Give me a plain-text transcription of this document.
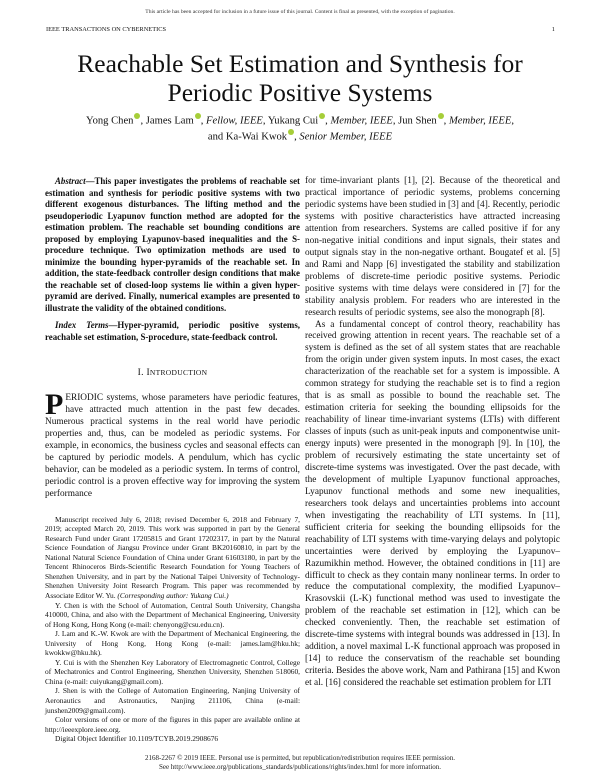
This article has been accepted for inclusion in a future issue of this journal. Content is final as presented, with the exception of pagination.
IEEE TRANSACTIONS ON CYBERNETICS	1
Reachable Set Estimation and Synthesis for
Periodic Positive Systems
Yong Chen , James Lam , Fellow, IEEE, Yukang Cui , Member, IEEE, Jun Shen , Member, IEEE,
and Ka-Wai Kwok , Senior Member, IEEE

Abstract—This paper investigates the problems of reachable set estimation and synthesis for periodic positive systems with two different exogenous disturbances. The lifting method and the pseudoperiodic Lyapunov function method are adopted for the estimation problem. The reachable set bounding conditions are proposed by employing Lyapunov-based inequalities and the S-procedure technique. Two optimization methods are used to minimize the bounding hyper-pyramids of the reachable set. In addition, the state-feedback controller design conditions that make the reachable set of closed-loop systems lie within a given hyper-pyramid are derived. Finally, numerical examples are presented to illustrate the validity of the obtained conditions.

Index Terms—Hyper-pyramid, periodic positive systems, reachable set estimation, S-procedure, state-feedback control.
I. INTRODUCTION
PERIODIC systems, whose parameters have periodic features, have attracted much attention in the past few decades. Numerous practical systems in the real world have periodic properties and, thus, can be modeled as periodic systems. For example, in economics, the business cycles and seasonal effects can be captured by periodic models. A pendulum, which has cyclic behavior, can be modeled as a periodic system. In terms of control, periodic control is a proven effective way for improving the system performance

Manuscript received July 6, 2018; revised December 6, 2018 and February 7, 2019; accepted March 20, 2019. This work was supported in part by the General Research Fund under Grant 17205815 and Grant 17202317, in part by the Natural Science Foundation of Jiangsu Province under Grant BK20160810, in part by the National Natural Science Foundation of China under Grant 61603180, in part by the Tencent Rhinoceros Birds-Scientific Research Foundation for Young Teachers of Shenzhen University, and in part by the National Taipei University of Technology-Shenzhen University Joint Research Program. This paper was recommended by Associate Editor W. Yu. (Corresponding author: Yukang Cui.)

Y. Chen is with the School of Automation, Central South University, Changsha 410000, China, and also with the Department of Mechanical Engineering, University of Hong Kong, Hong Kong (e-mail: chenyong@csu.edu.cn).

J. Lam and K.-W. Kwok are with the Department of Mechanical Engineering, the University of Hong Kong, Hong Kong (e-mail: james.lam@hku.hk; kwokkw@hku.hk).

Y. Cui is with the Shenzhen Key Laboratory of Electromagnetic Control, College of Mechatronics and Control Engineering, Shenzhen University, Shenzhen 518060, China (e-mail: cuiyukang@gmail.com).

J. Shen is with the College of Automation Engineering, Nanjing University of Aeronautics and Astronautics, Nanjing 211106, China (e-mail: junshen2009@gmail.com).

Color versions of one or more of the figures in this paper are available online at http://ieeexplore.ieee.org.

Digital Object Identifier 10.1109/TCYB.2019.2908676

for time-invariant plants [1], [2]. Because of the theoretical and practical importance of periodic systems, problems concerning periodic systems have been studied in [3] and [4]. Recently, periodic systems with positive characteristics have attracted increasing attention from researchers. Systems are called positive if for any non-negative initial conditions and input signals, their states and output signals stay in the non-negative orthant. Bougatef et al. [5] and Rami and Napp [6] investigated the stability and stabilization problems of discrete-time periodic positive systems. Periodic positive systems with time delays were considered in [7] for the stability analysis problem. For readers who are interested in the research results of periodic systems, see also the monograph [8].

As a fundamental concept of control theory, reachability has received growing attention in recent years. The reachable set of a system is defined as the set of all system states that are reachable from the origin under given system inputs. In most cases, the exact characterization of the reachable set for a system is impossible. A common strategy for studying the reachable set is to find a region that is as small as possible to bound the reachable set. The estimation criteria for seeking the bounding ellipsoids for the reachability of linear time-invariant systems (LTIs) with different classes of inputs (such as unit-peak inputs and componentwise unit-energy inputs) were presented in the monograph [9]. In [10], the problem of recursively estimating the state uncertainty set of discrete-time systems was investigated. Over the past decade, with the development of multiple Lyapunov functional approaches, Lyapunov functional methods and some new inequalities, researchers took delays and uncertainties problems into account when investigating the reachability of LTI systems. In [11], sufficient criteria for seeking the bounding ellipsoids for the reachability of LTI systems with time-varying delays and polytopic uncertainties were derived by employing the Lyapunov–Razumikhin method. However, the obtained conditions in [11] are difficult to check as they contain many nonlinear terms. In order to reduce the computational complexity, the modified Lyapunov–Krasovskii (L-K) functional method was used to investigate the problem of the reachable set estimation in [12], which can be checked conveniently. Then, the reachable set estimation of discrete-time systems with integral bounds was addressed in [13]. In addition, a novel maximal L-K functional approach was proposed in [14] to reduce the conservatism of the reachable set bounding criteria. Besides the above work, Nam and Pathirana [15] and Kwon et al. [16] considered the reachable set estimation problem for LTI

2168-2267 © 2019 IEEE. Personal use is permitted, but republication/redistribution requires IEEE permission.
See http://www.ieee.org/publications_standards/publications/rights/index.html for more information.
